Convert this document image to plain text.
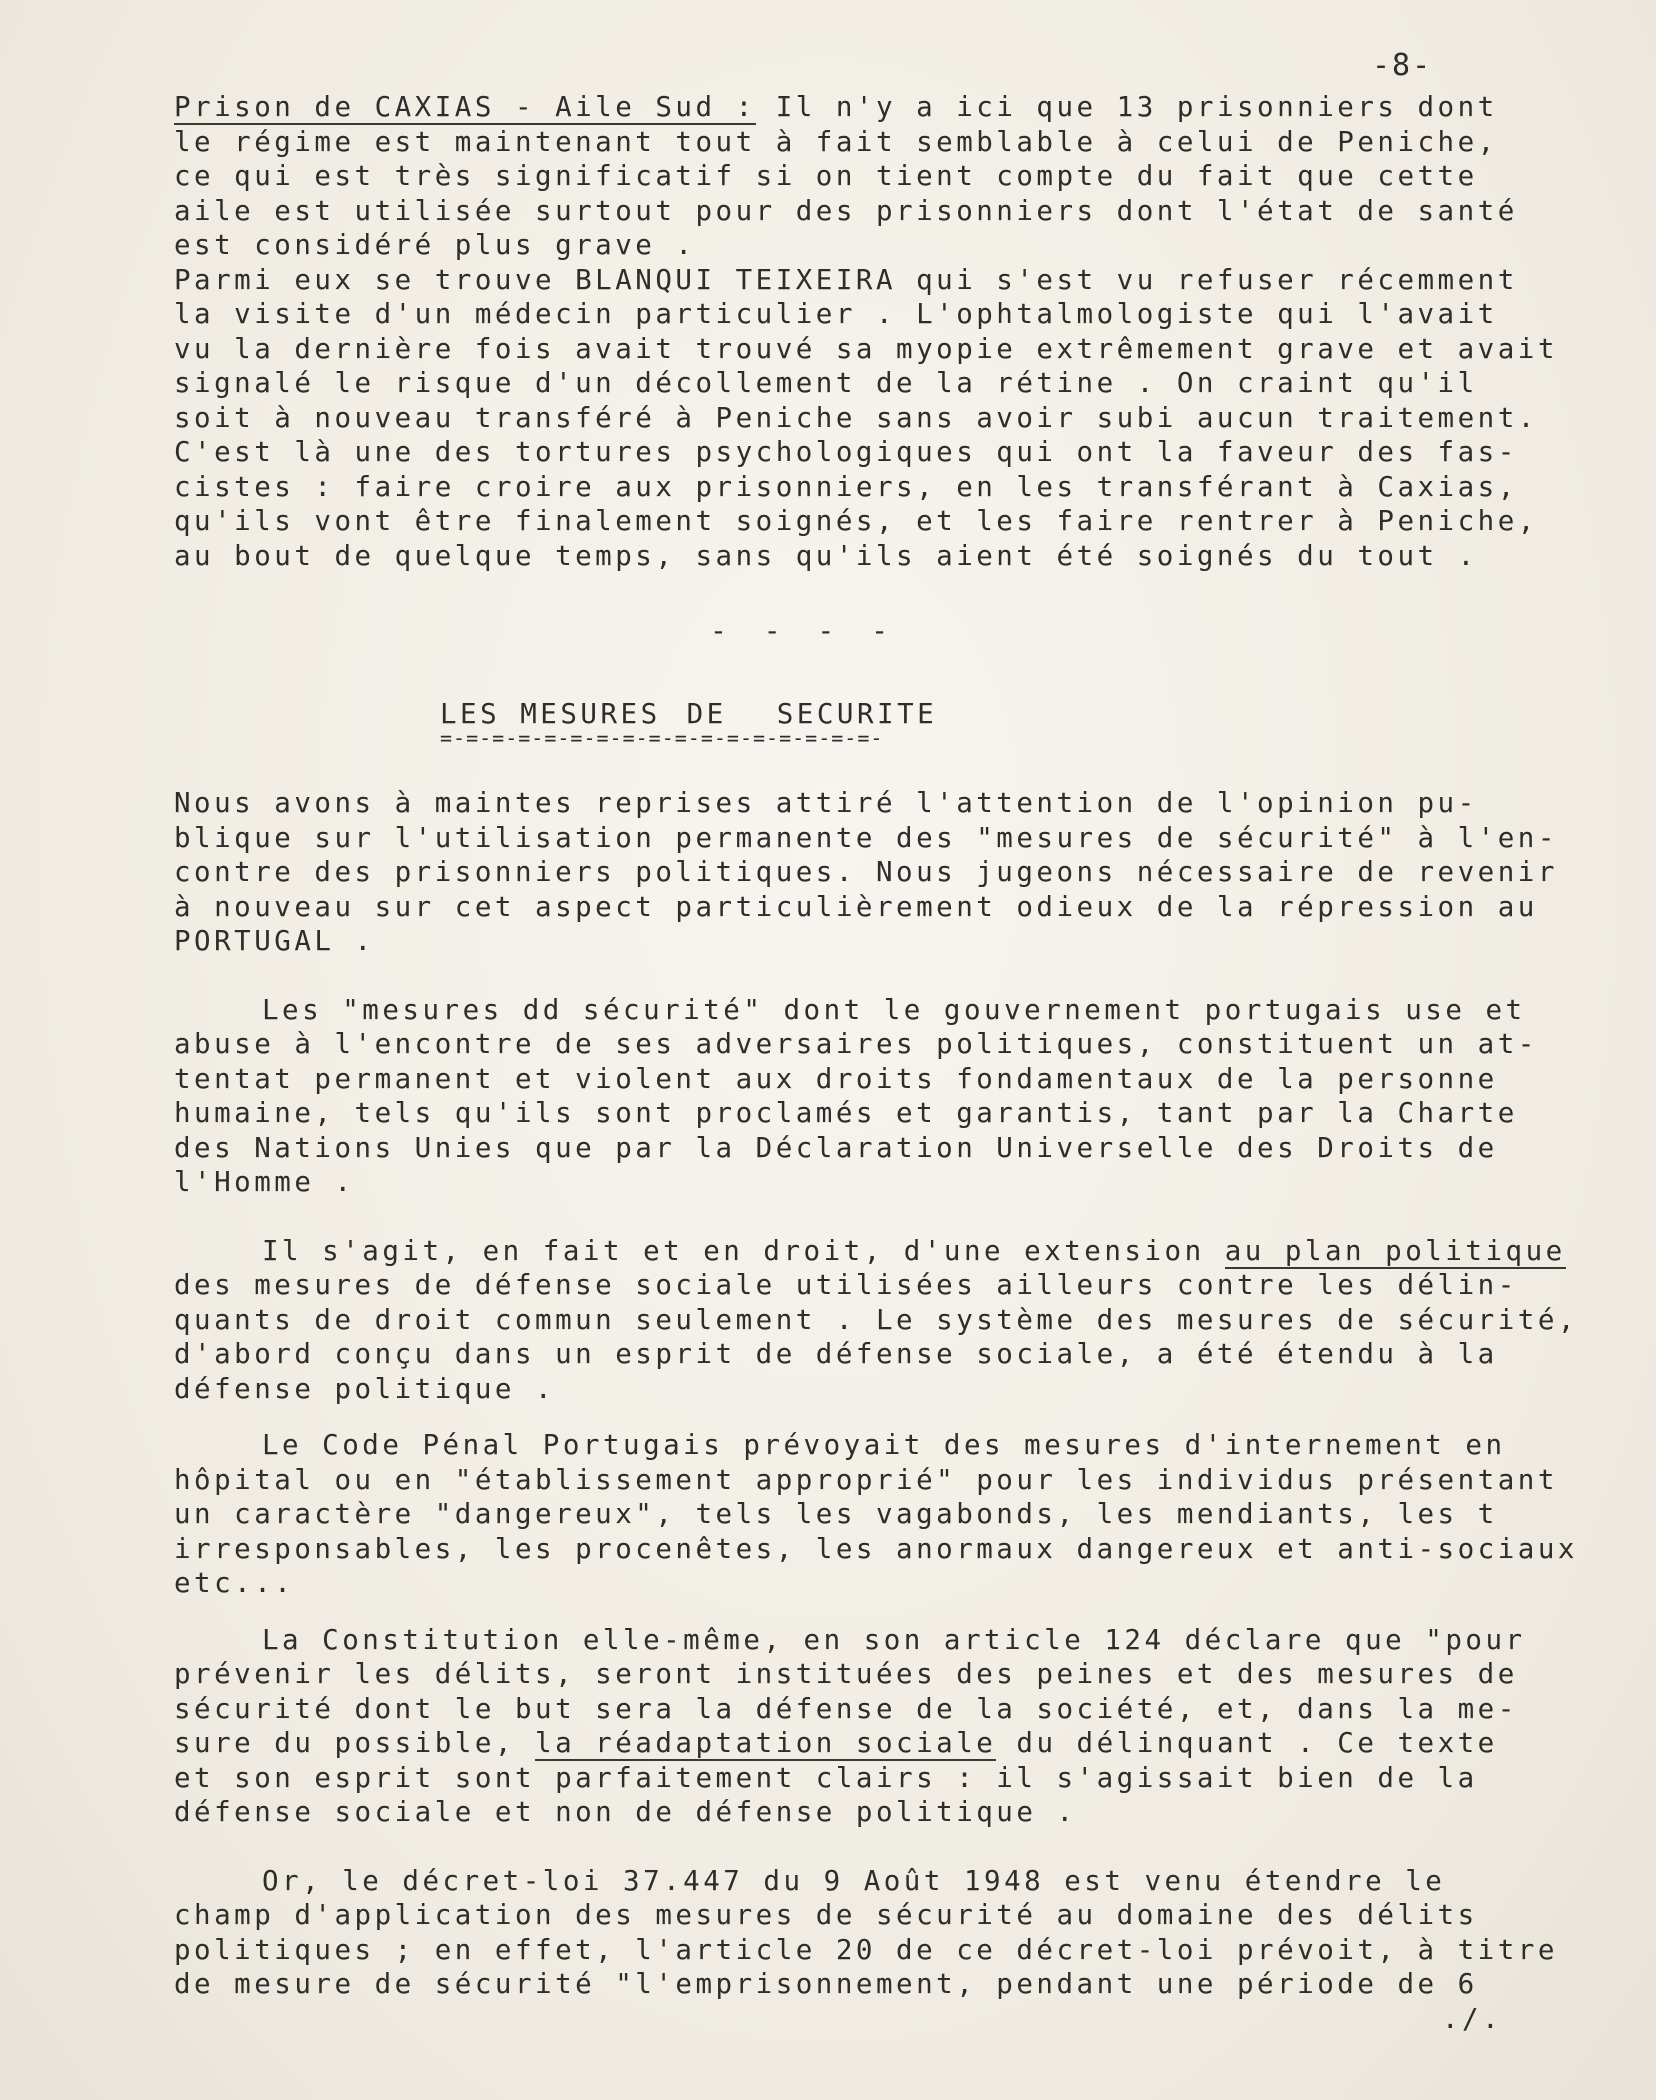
-8-
Prison de CAXIAS - Aile Sud : Il n'y a ici que 13 prisonniers dont
le régime est maintenant tout à fait semblable à celui de Peniche,
ce qui est très significatif si on tient compte du fait que cette
aile est utilisée surtout pour des prisonniers dont l'état de santé
est considéré plus grave .
Parmi eux se trouve BLANQUI TEIXEIRA qui s'est vu refuser récemment
la visite d'un médecin particulier . L'ophtalmologiste qui l'avait
vu la dernière fois avait trouvé sa myopie extrêmement grave et avait
signalé le risque d'un décollement de la rétine . On craint qu'il
soit à nouveau transféré à Peniche sans avoir subi aucun traitement.
C'est là une des tortures psychologiques qui ont la faveur des fas-
cistes : faire croire aux prisonniers, en les transférant à Caxias,
qu'ils vont être finalement soignés, et les faire rentrer à Peniche,
au bout de quelque temps, sans qu'ils aient été soignés du tout .
- - - -
LES MESURES DE SECURITE
=-=-=-=-=-=-=-=-=-=-=-=-=-=-=-=-=-
Nous avons à maintes reprises attiré l'attention de l'opinion pu-
blique sur l'utilisation permanente des "mesures de sécurité" à l'en-
contre des prisonniers politiques. Nous jugeons nécessaire de revenir
à nouveau sur cet aspect particulièrement odieux de la répression au
PORTUGAL .
Les "mesures dd sécurité" dont le gouvernement portugais use et
abuse à l'encontre de ses adversaires politiques, constituent un at-
tentat permanent et violent aux droits fondamentaux de la personne
humaine, tels qu'ils sont proclamés et garantis, tant par la Charte
des Nations Unies que par la Déclaration Universelle des Droits de
l'Homme .
Il s'agit, en fait et en droit, d'une extension au plan politique
des mesures de défense sociale utilisées ailleurs contre les délin-
quants de droit commun seulement . Le système des mesures de sécurité,
d'abord conçu dans un esprit de défense sociale, a été étendu à la
défense politique .
Le Code Pénal Portugais prévoyait des mesures d'internement en
hôpital ou en "établissement approprié" pour les individus présentant
un caractère "dangereux", tels les vagabonds, les mendiants, les t
irresponsables, les procenêtes, les anormaux dangereux et anti-sociaux
etc...
La Constitution elle-même, en son article 124 déclare que "pour
prévenir les délits, seront instituées des peines et des mesures de
sécurité dont le but sera la défense de la société, et, dans la me-
sure du possible, la réadaptation sociale du délinquant . Ce texte
et son esprit sont parfaitement clairs : il s'agissait bien de la
défense sociale et non de défense politique .
Or, le décret-loi 37.447 du 9 Août 1948 est venu étendre le
champ d'application des mesures de sécurité au domaine des délits
politiques ; en effet, l'article 20 de ce décret-loi prévoit, à titre
de mesure de sécurité "l'emprisonnement, pendant une période de 6
./.
